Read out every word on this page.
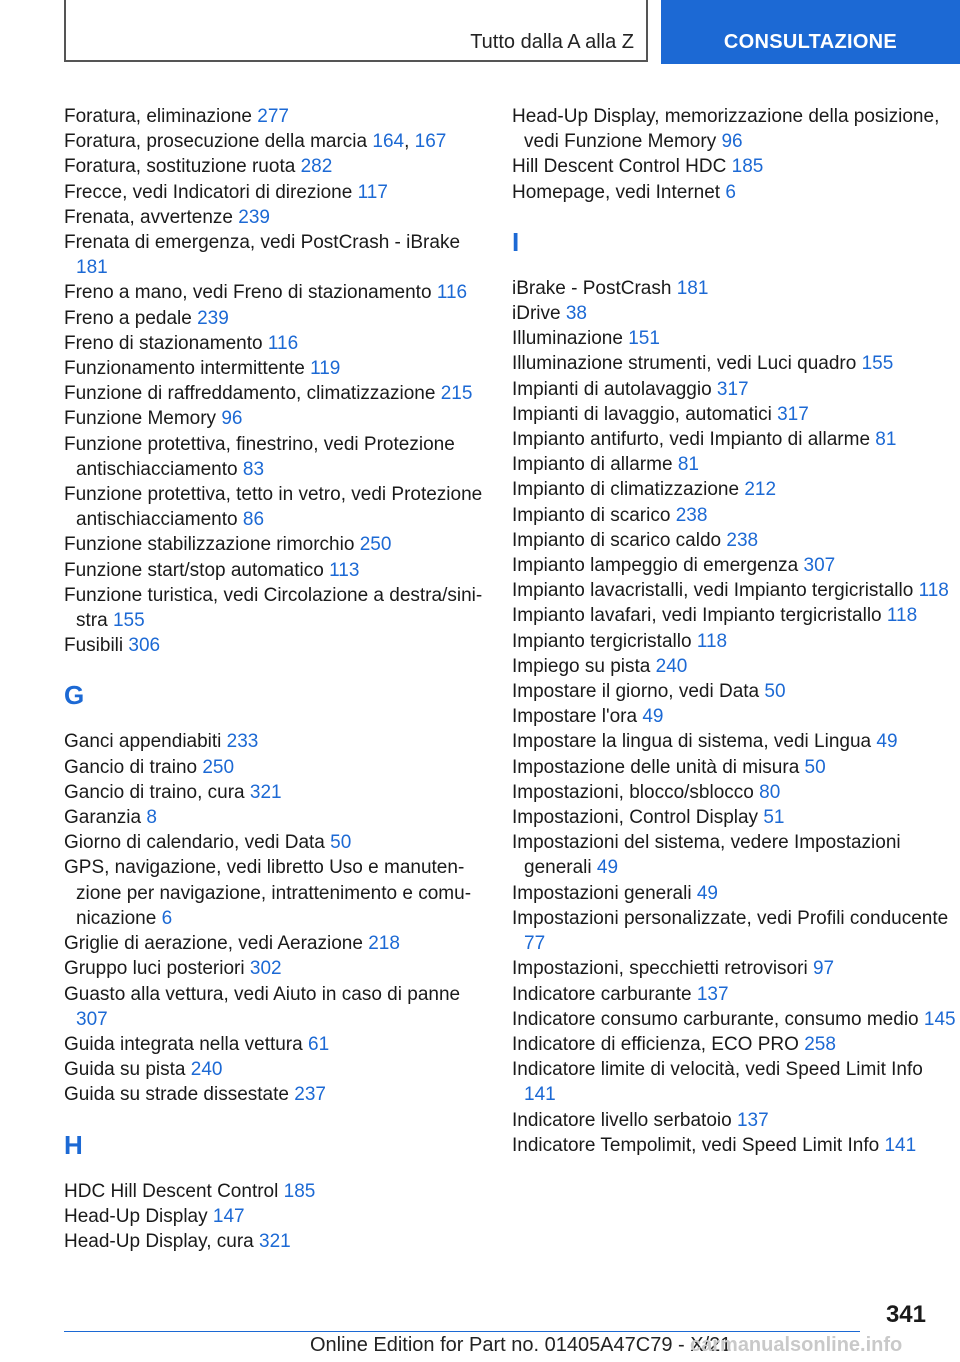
Tutto dalla A alla Z	CONSULTAZIONE
Foratura, eliminazione 277
Foratura, prosecuzione della marcia 164, 167
Foratura, sostituzione ruota 282
Frecce, vedi Indicatori di direzione 117
Frenata, avvertenze 239
Frenata di emergenza, vedi PostCrash - iBrake 181
Freno a mano, vedi Freno di stazionamento 116
Freno a pedale 239
Freno di stazionamento 116
Funzionamento intermittente 119
Funzione di raffreddamento, climatizzazione 215
Funzione Memory 96
Funzione protettiva, finestrino, vedi Protezione antischiacciamento 83
Funzione protettiva, tetto in vetro, vedi Protezione antischiacciamento 86
Funzione stabilizzazione rimorchio 250
Funzione start/stop automatico 113
Funzione turistica, vedi Circolazione a destra/sinistra 155
Fusibili 306
G
Ganci appendiabiti 233
Gancio di traino 250
Gancio di traino, cura 321
Garanzia 8
Giorno di calendario, vedi Data 50
GPS, navigazione, vedi libretto Uso e manutenzione per navigazione, intrattenimento e comunicazione 6
Griglie di aerazione, vedi Aerazione 218
Gruppo luci posteriori 302
Guasto alla vettura, vedi Aiuto in caso di panne 307
Guida integrata nella vettura 61
Guida su pista 240
Guida su strade dissestate 237
H
HDC Hill Descent Control 185
Head-Up Display 147
Head-Up Display, cura 321
Head-Up Display, memorizzazione della posizione, vedi Funzione Memory 96
Hill Descent Control HDC 185
Homepage, vedi Internet 6
I
iBrake - PostCrash 181
iDrive 38
Illuminazione 151
Illuminazione strumenti, vedi Luci quadro 155
Impianti di autolavaggio 317
Impianti di lavaggio, automatici 317
Impianto antifurto, vedi Impianto di allarme 81
Impianto di allarme 81
Impianto di climatizzazione 212
Impianto di scarico 238
Impianto di scarico caldo 238
Impianto lampeggio di emergenza 307
Impianto lavacristalli, vedi Impianto tergicristallo 118
Impianto lavafari, vedi Impianto tergicristallo 118
Impianto tergicristallo 118
Impiego su pista 240
Impostare il giorno, vedi Data 50
Impostare l'ora 49
Impostare la lingua di sistema, vedi Lingua 49
Impostazione delle unità di misura 50
Impostazioni, blocco/sblocco 80
Impostazioni, Control Display 51
Impostazioni del sistema, vedere Impostazioni generali 49
Impostazioni generali 49
Impostazioni personalizzate, vedi Profili conducente 77
Impostazioni, specchietti retrovisori 97
Indicatore carburante 137
Indicatore consumo carburante, consumo medio 145
Indicatore di efficienza, ECO PRO 258
Indicatore limite di velocità, vedi Speed Limit Info 141
Indicatore livello serbatoio 137
Indicatore Tempolimit, vedi Speed Limit Info 141
341
Online Edition for Part no. 01405A47C79 - X/21
carmanualsonline.info
